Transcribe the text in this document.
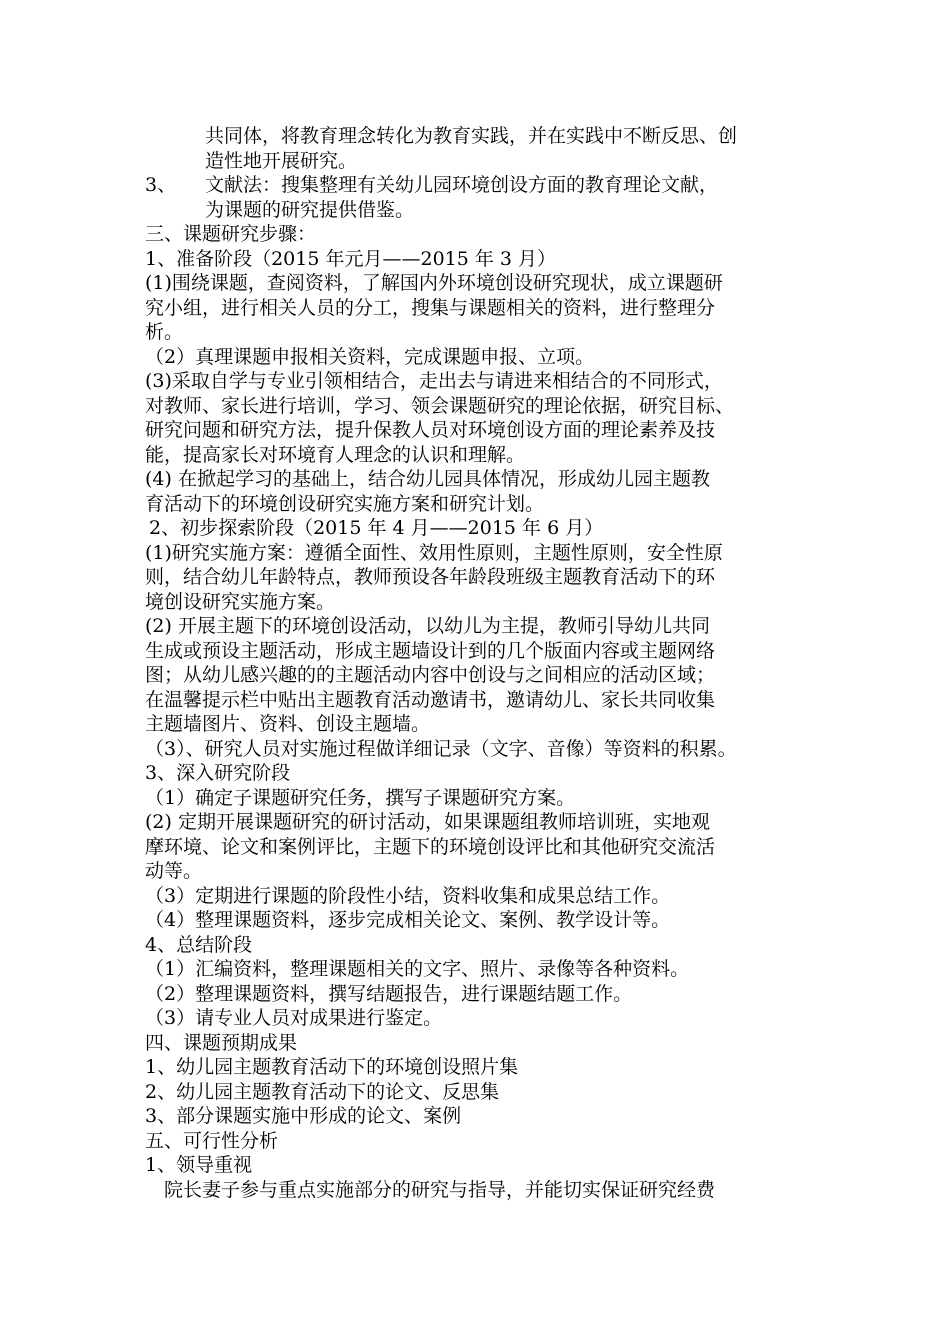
共同体，将教育理念转化为教育实践，并在实践中不断反思、创
造性地开展研究。
3、	文献法：搜集整理有关幼儿园环境创设方面的教育理论文献，
为课题的研究提供借鉴。
三、课题研究步骤：
1、准备阶段（2015 年元月——2015 年 3 月）
(1)围绕课题，查阅资料，了解国内外环境创设研究现状，成立课题研
究小组，进行相关人员的分工，搜集与课题相关的资料，进行整理分
析。
（2）真理课题申报相关资料，完成课题申报、立项。
(3)采取自学与专业引领相结合，走出去与请进来相结合的不同形式，
对教师、家长进行培训，学习、领会课题研究的理论依据，研究目标、
研究问题和研究方法，提升保教人员对环境创设方面的理论素养及技
能，提高家长对环境育人理念的认识和理解。
(4) 在掀起学习的基础上，结合幼儿园具体情况，形成幼儿园主题教
育活动下的环境创设研究实施方案和研究计划。
2、初步探索阶段（2015 年 4 月——2015 年 6 月）
(1)研究实施方案：遵循全面性、效用性原则，主题性原则，安全性原
则，结合幼儿年龄特点，教师预设各年龄段班级主题教育活动下的环
境创设研究实施方案。
(2) 开展主题下的环境创设活动，以幼儿为主提，教师引导幼儿共同
生成或预设主题活动，形成主题墙设计到的几个版面内容或主题网络
图；从幼儿感兴趣的的主题活动内容中创设与之间相应的活动区域；
在温馨提示栏中贴出主题教育活动邀请书，邀请幼儿、家长共同收集
主题墙图片、资料、创设主题墙。
（3）、研究人员对实施过程做详细记录（文字、音像）等资料的积累。
3、深入研究阶段
（1）确定子课题研究任务，撰写子课题研究方案。
(2) 定期开展课题研究的研讨活动，如果课题组教师培训班，实地观
摩环境、论文和案例评比，主题下的环境创设评比和其他研究交流活
动等。
（3）定期进行课题的阶段性小结，资料收集和成果总结工作。
（4）整理课题资料，逐步完成相关论文、案例、教学设计等。
4、总结阶段
（1）汇编资料，整理课题相关的文字、照片、录像等各种资料。
（2）整理课题资料，撰写结题报告，进行课题结题工作。
（3）请专业人员对成果进行鉴定。
四、课题预期成果
1、幼儿园主题教育活动下的环境创设照片集
2、幼儿园主题教育活动下的论文、反思集
3、部分课题实施中形成的论文、案例
五、可行性分析
1、领导重视
院长妻子参与重点实施部分的研究与指导，并能切实保证研究经费
